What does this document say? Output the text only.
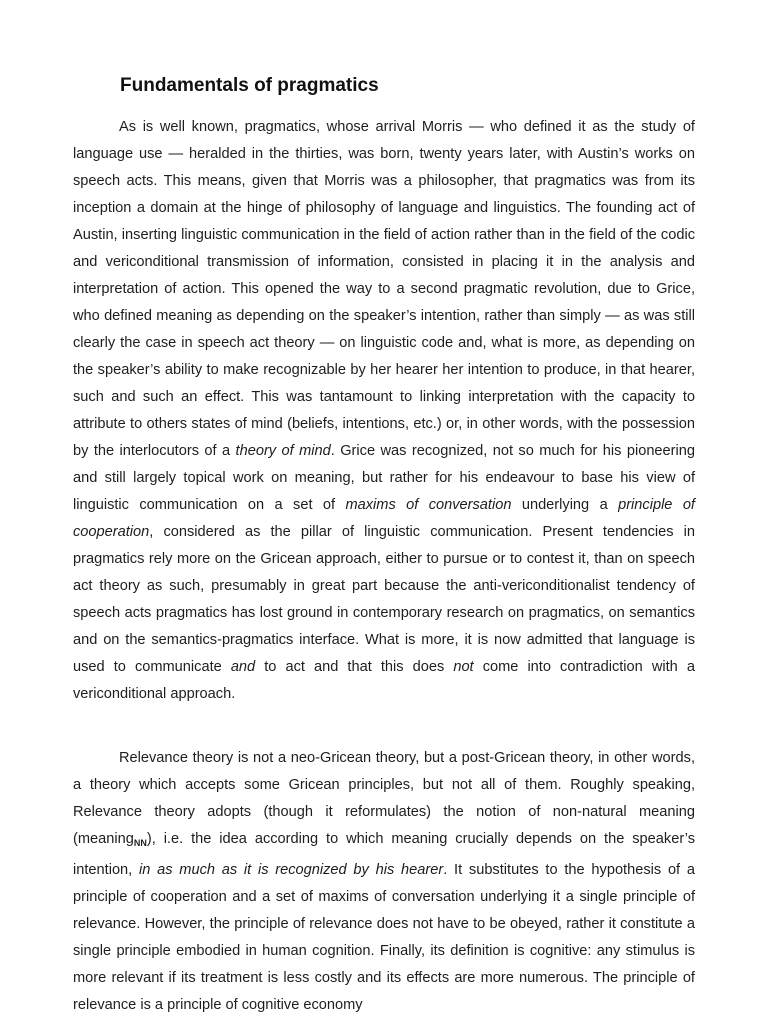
Fundamentals of pragmatics

As is well known, pragmatics, whose arrival Morris — who defined it as the study of language use — heralded in the thirties, was born, twenty years later, with Austin’s works on speech acts. This means, given that Morris was a philosopher, that pragmatics was from its inception a domain at the hinge of philosophy of language and linguistics. The founding act of Austin, inserting linguistic communication in the field of action rather than in the field of the codic and vericonditional transmission of information, consisted in placing it in the analysis and interpretation of action. This opened the way to a second pragmatic revolution, due to Grice, who defined meaning as depending on the speaker’s intention, rather than simply — as was still clearly the case in speech act theory — on linguistic code and, what is more, as depending on the speaker’s ability to make recognizable by her hearer her intention to produce, in that hearer, such and such an effect. This was tantamount to linking interpretation with the capacity to attribute to others states of mind (beliefs, intentions, etc.) or, in other words, with the possession by the interlocutors of a theory of mind. Grice was recognized, not so much for his pioneering and still largely topical work on meaning, but rather for his endeavour to base his view of linguistic communication on a set of maxims of conversation underlying a principle of cooperation, considered as the pillar of linguistic communication. Present tendencies in pragmatics rely more on the Gricean approach, either to pursue or to contest it, than on speech act theory as such, presumably in great part because the anti-vericonditionalist tendency of speech acts pragmatics has lost ground in contemporary research on pragmatics, on semantics and on the semantics-pragmatics interface. What is more, it is now admitted that language is used to communicate and to act and that this does not come into contradiction with a vericonditional approach.

Relevance theory is not a neo-Gricean theory, but a post-Gricean theory, in other words, a theory which accepts some Gricean principles, but not all of them. Roughly speaking, Relevance theory adopts (though it reformulates) the notion of non-natural meaning (meaning$_{NN}$), i.e. the idea according to which meaning crucially depends on the speaker’s intention, in as much as it is recognized by his hearer. It substitutes to the hypothesis of a principle of cooperation and a set of maxims of conversation underlying it a single principle of relevance. However, the principle of relevance does not have to be obeyed, rather it constitute a single principle embodied in human cognition. Finally, its definition is cognitive: any stimulus is more relevant if its treatment is less costly and its effects are more numerous. The principle of relevance is a principle of cognitive economy
